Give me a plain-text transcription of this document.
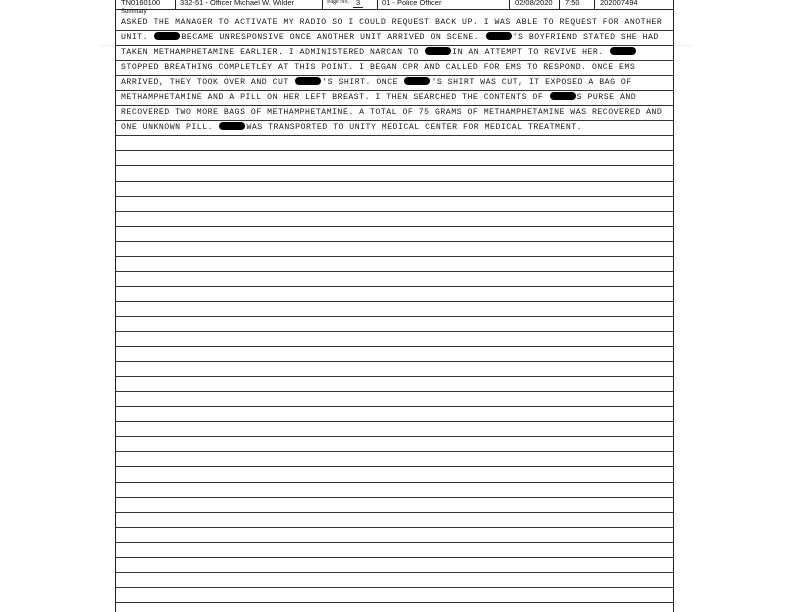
TN0160100	332-51 - Officer Michael W. Wilder	Page No. 3	01 - Police Officer	02/08/2020 7:50	202007494
Summary
ASKED THE MANAGER TO ACTIVATE MY RADIO SO I COULD REQUEST BACK UP. I WAS ABLE TO REQUEST FOR ANOTHER
UNIT.	BECAME UNRESPONSIVE ONCE ANOTHER UNIT ARRIVED ON SCENE.	'S BOYFRIEND STATED SHE HAD
TAKEN METHAMPHETAMINE EARLIER. I ADMINISTERED NARCAN TO	IN AN ATTEMPT TO REVIVE HER.
STOPPED BREATHING COMPLETLEY AT THIS POINT. I BEGAN CPR AND CALLED FOR EMS TO RESPOND. ONCE EMS
ARRIVED, THEY TOOK OVER AND CUT	'S SHIRT. ONCE	'S SHIRT WAS CUT, IT EXPOSED A BAG OF
METHAMPHETAMINE AND A PILL ON HER LEFT BREAST. I THEN SEARCHED THE CONTENTS OF	S PURSE AND
RECOVERED TWO MORE BAGS OF METHAMPHETAMINE. A TOTAL OF 75 GRAMS OF METHAMPHETAMINE WAS RECOVERED AND
ONE UNKNOWN PILL.	WAS TRANSPORTED TO UNITY MEDICAL CENTER FOR MEDICAL TREATMENT.
